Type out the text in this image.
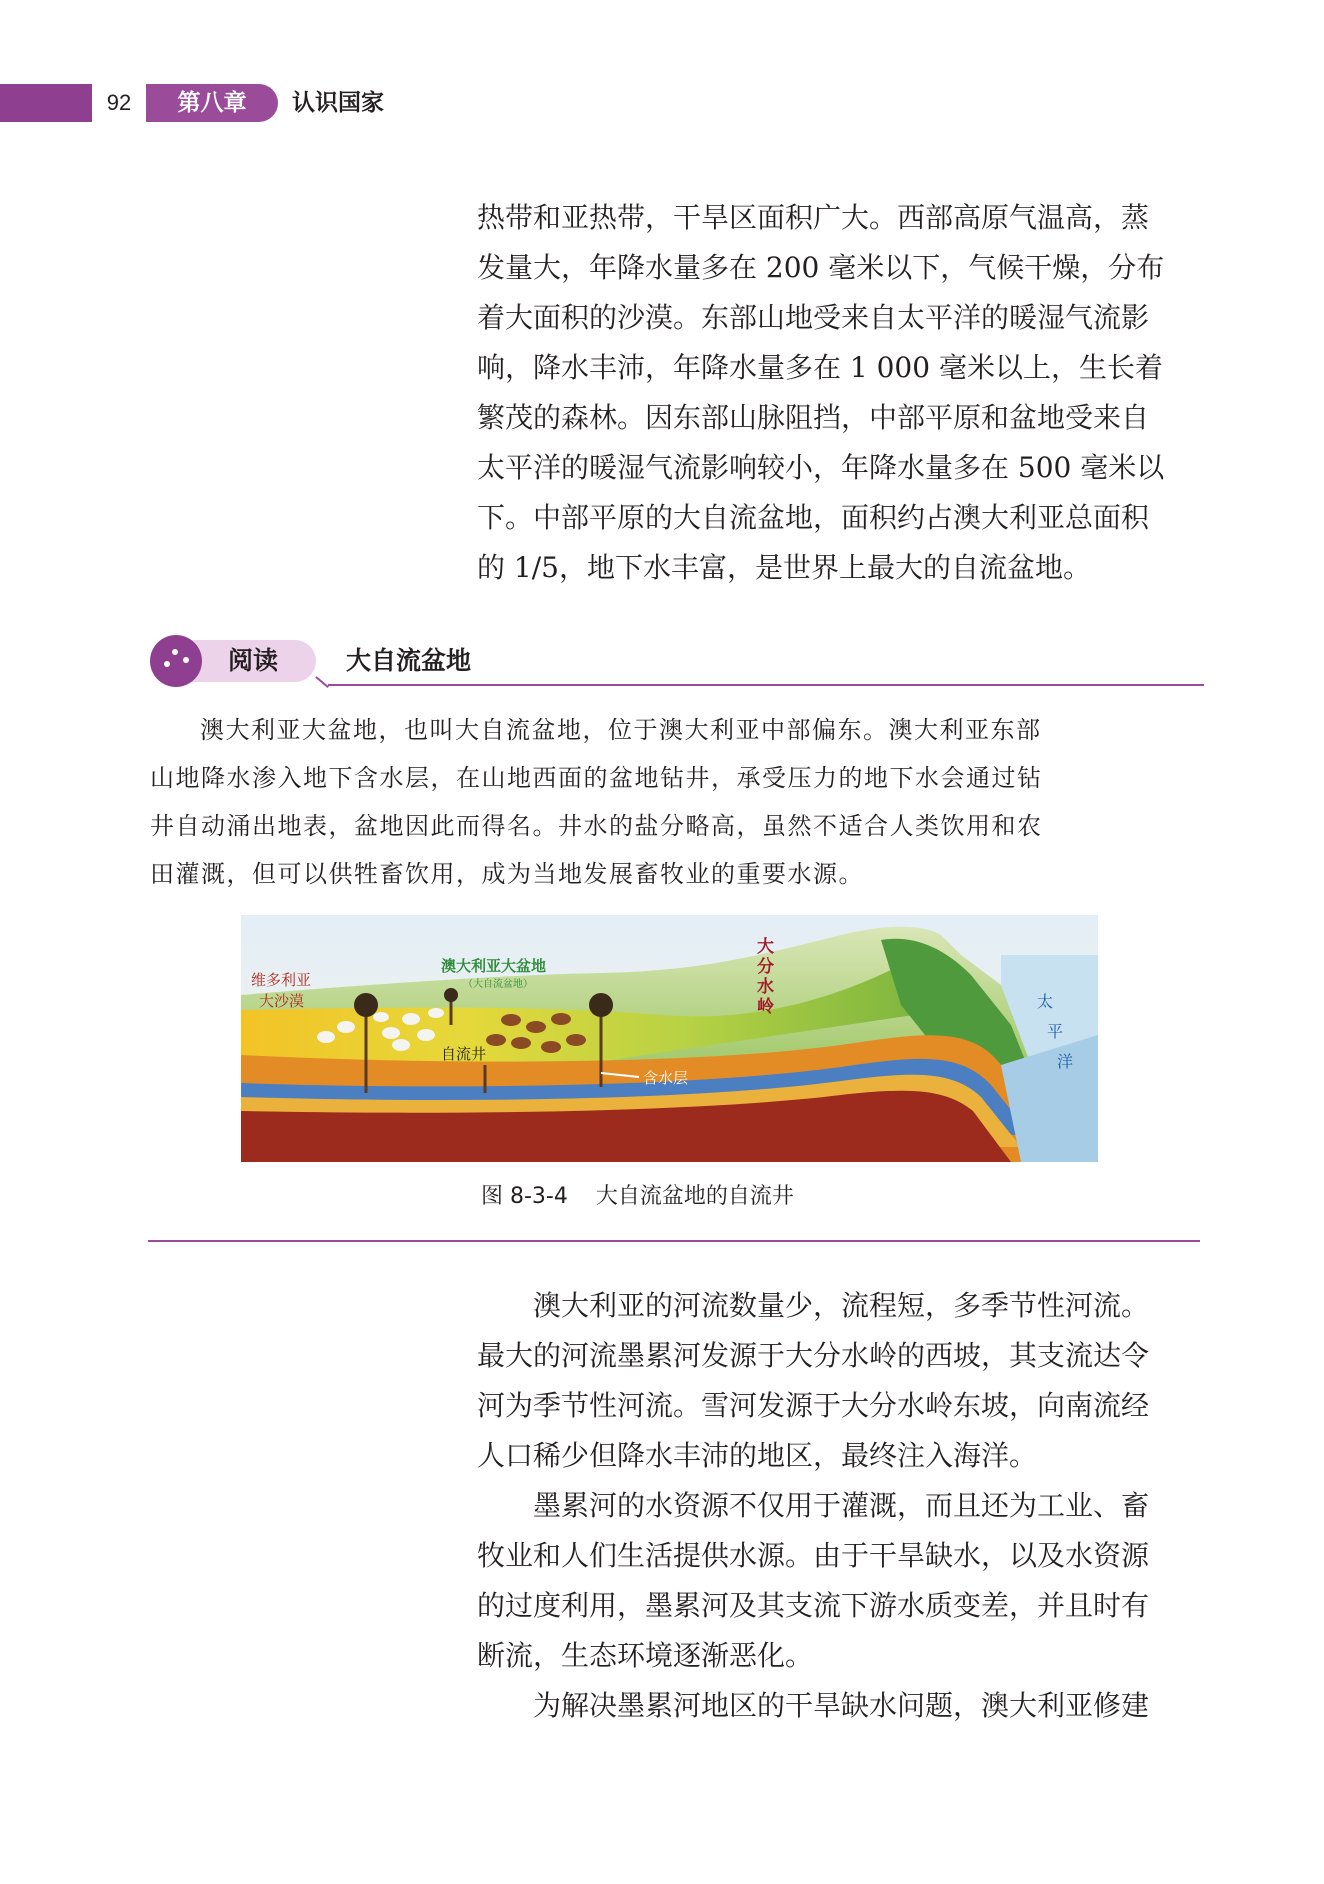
92	第八章	认识国家
热带和亚热带，干旱区面积广大。西部高原气温高，蒸
发量大，年降水量多在 200 毫米以下，气候干燥，分布
着大面积的沙漠。东部山地受来自太平洋的暖湿气流影
响，降水丰沛，年降水量多在 1 000 毫米以上，生长着
繁茂的森林。因东部山脉阻挡，中部平原和盆地受来自
太平洋的暖湿气流影响较小，年降水量多在 500 毫米以
下。中部平原的大自流盆地，面积约占澳大利亚总面积
的 1/5，地下水丰富，是世界上最大的自流盆地。
阅读	大自流盆地
澳大利亚大盆地，也叫大自流盆地，位于澳大利亚中部偏东。澳大利亚东部
山地降水渗入地下含水层，在山地西面的盆地钻井，承受压力的地下水会通过钻
井自动涌出地表，盆地因此而得名。井水的盐分略高，虽然不适合人类饮用和农
田灌溉，但可以供牲畜饮用，成为当地发展畜牧业的重要水源。
维多利亚
大沙漠
澳大利亚大盆地
（大自流盆地）
自流井
含水层
大
分
水
岭	太
平
洋
图 8-3-4 大自流盆地的自流井
澳大利亚的河流数量少，流程短，多季节性河流。
最大的河流墨累河发源于大分水岭的西坡，其支流达令
河为季节性河流。雪河发源于大分水岭东坡，向南流经
人口稀少但降水丰沛的地区，最终注入海洋。
墨累河的水资源不仅用于灌溉，而且还为工业、畜
牧业和人们生活提供水源。由于干旱缺水，以及水资源
的过度利用，墨累河及其支流下游水质变差，并且时有
断流，生态环境逐渐恶化。
为解决墨累河地区的干旱缺水问题，澳大利亚修建
